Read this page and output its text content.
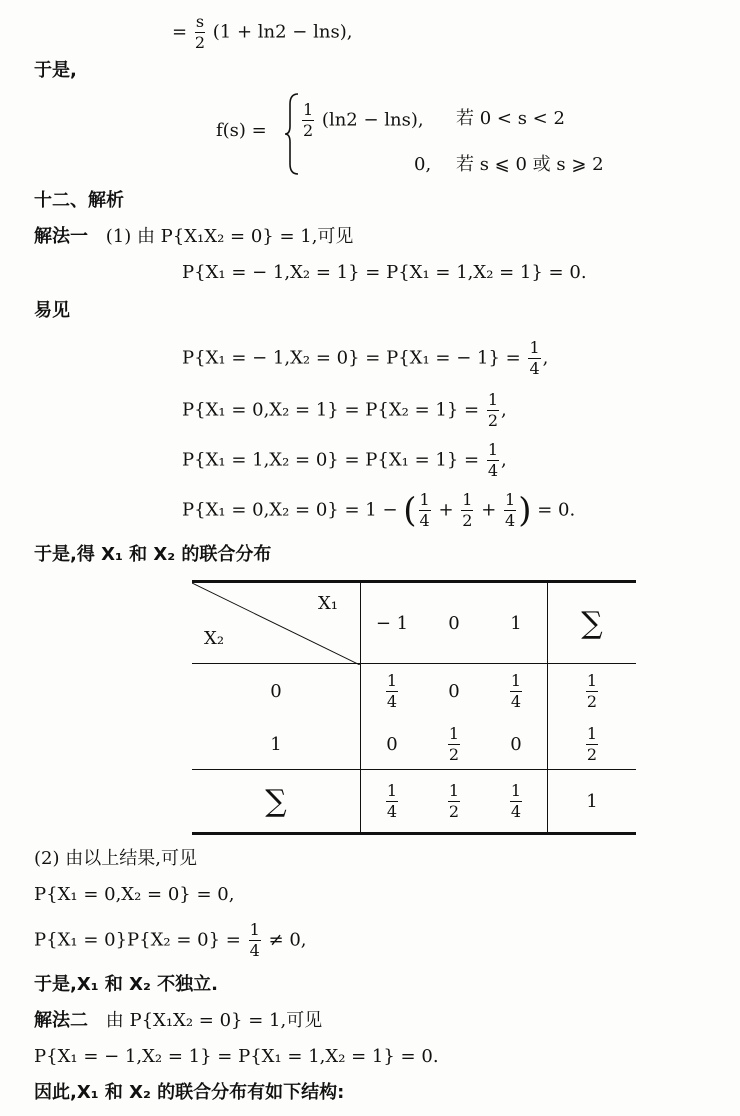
= $\frac{s}{2} (1 + \ln 2 - \ln s)$,
于是,
$f(s) = \frac{1}{2} (\ln 2 - \ln s)$, 若 0 < s < 2
0, 若 s ⩽ 0 或 s ⩾ 2
十二、解析
解法一 (1) 由 P{X₁X₂ = 0} = 1,可见
P{X₁ = − 1,X₂ = 1} = P{X₁ = 1,X₂ = 1} = 0.
易见
P{X₁ = − 1,X₂ = 0} = P{X₁ = − $1\} = \frac{1}{4}$ ,
$P\{X_1 = 0,X_2 = 1\} = P\{X_2 = 1\} = \frac{1}{2}$ ,
$P\{X_1 = 1,X_2 = 0\} = P\{X_1 = 1\} = \frac{1}{4}$ ,
P{X₁ = 0,X₂ = 0} = 1 − ( $\frac{1}{4} + \frac{1}{2} + \frac{1}{4}$ ) = 0.
于是,得 X₁ 和 X₂ 的联合分布
X₁
X₂	− 1	0	1	∑
0	$\frac{1}{4}$	0	$\frac{1}{4}$	$\frac{1}{2}$

1	0	$\frac{1}{2}$	0	$\frac{1}{2}$

∑	$\frac{1}{4}$	$\frac{1}{2}$	$\frac{1}{4}$	1
(2) 由以上结果,可见
P{X₁ = 0,X₂ = 0} = 0,
$P\{X_1 = 0\}P\{X_2 = 0\} = \frac{1}{4} \ne 0$,
于是,X₁ 和 X₂ 不独立.
解法二 由 P{X₁X₂ = 0} = 1,可见
P{X₁ = − 1,X₂ = 1} = P{X₁ = 1,X₂ = 1} = 0.
因此,X₁ 和 X₂ 的联合分布有如下结构:
